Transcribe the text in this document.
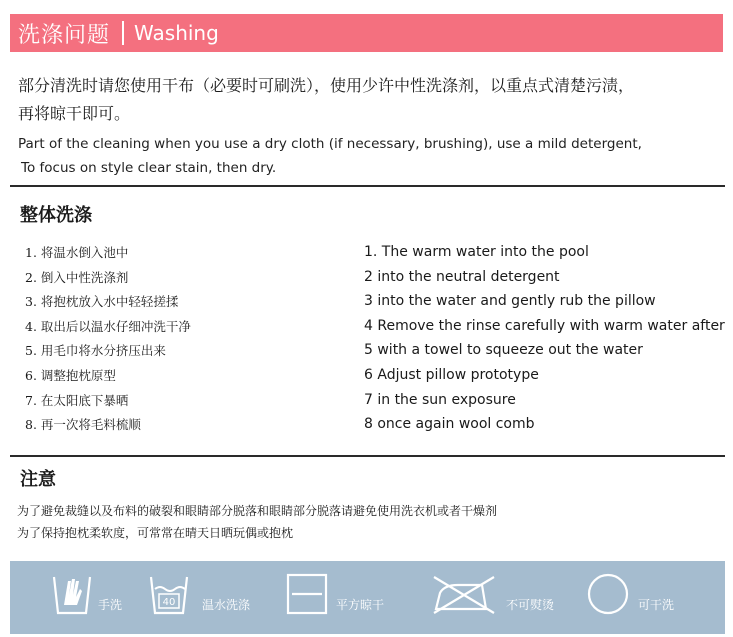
洗涤问题 Washing
部分清洗时请您使用干布（必要时可刷洗），使用少许中性洗涤剂，以重点式清楚污渍，
再将晾干即可。
Part of the cleaning when you use a dry cloth (if necessary, brushing), use a mild detergent,
To focus on style clear stain, then dry.
整体洗涤
1. 将温水倒入池中
2. 倒入中性洗涤剂
3. 将抱枕放入水中轻轻搓揉
4. 取出后以温水仔细冲洗干净
5. 用毛巾将水分挤压出来
6. 调整抱枕原型
7. 在太阳底下暴晒
8. 再一次将毛料梳顺
1. The warm water into the pool
2 into the neutral detergent
3 into the water and gently rub the pillow
4 Remove the rinse carefully with warm water after
5 with a towel to squeeze out the water
6 Adjust pillow prototype
7 in the sun exposure
8 once again wool comb
注意
为了避免裁缝以及布料的破裂和眼睛部分脱落和眼睛部分脱落请避免使用洗衣机或者干燥剂
为了保持抱枕柔软度，可常常在晴天日晒玩偶或抱枕
手洗	40 温水洗涤	平方晾干	不可熨烫	可干洗
